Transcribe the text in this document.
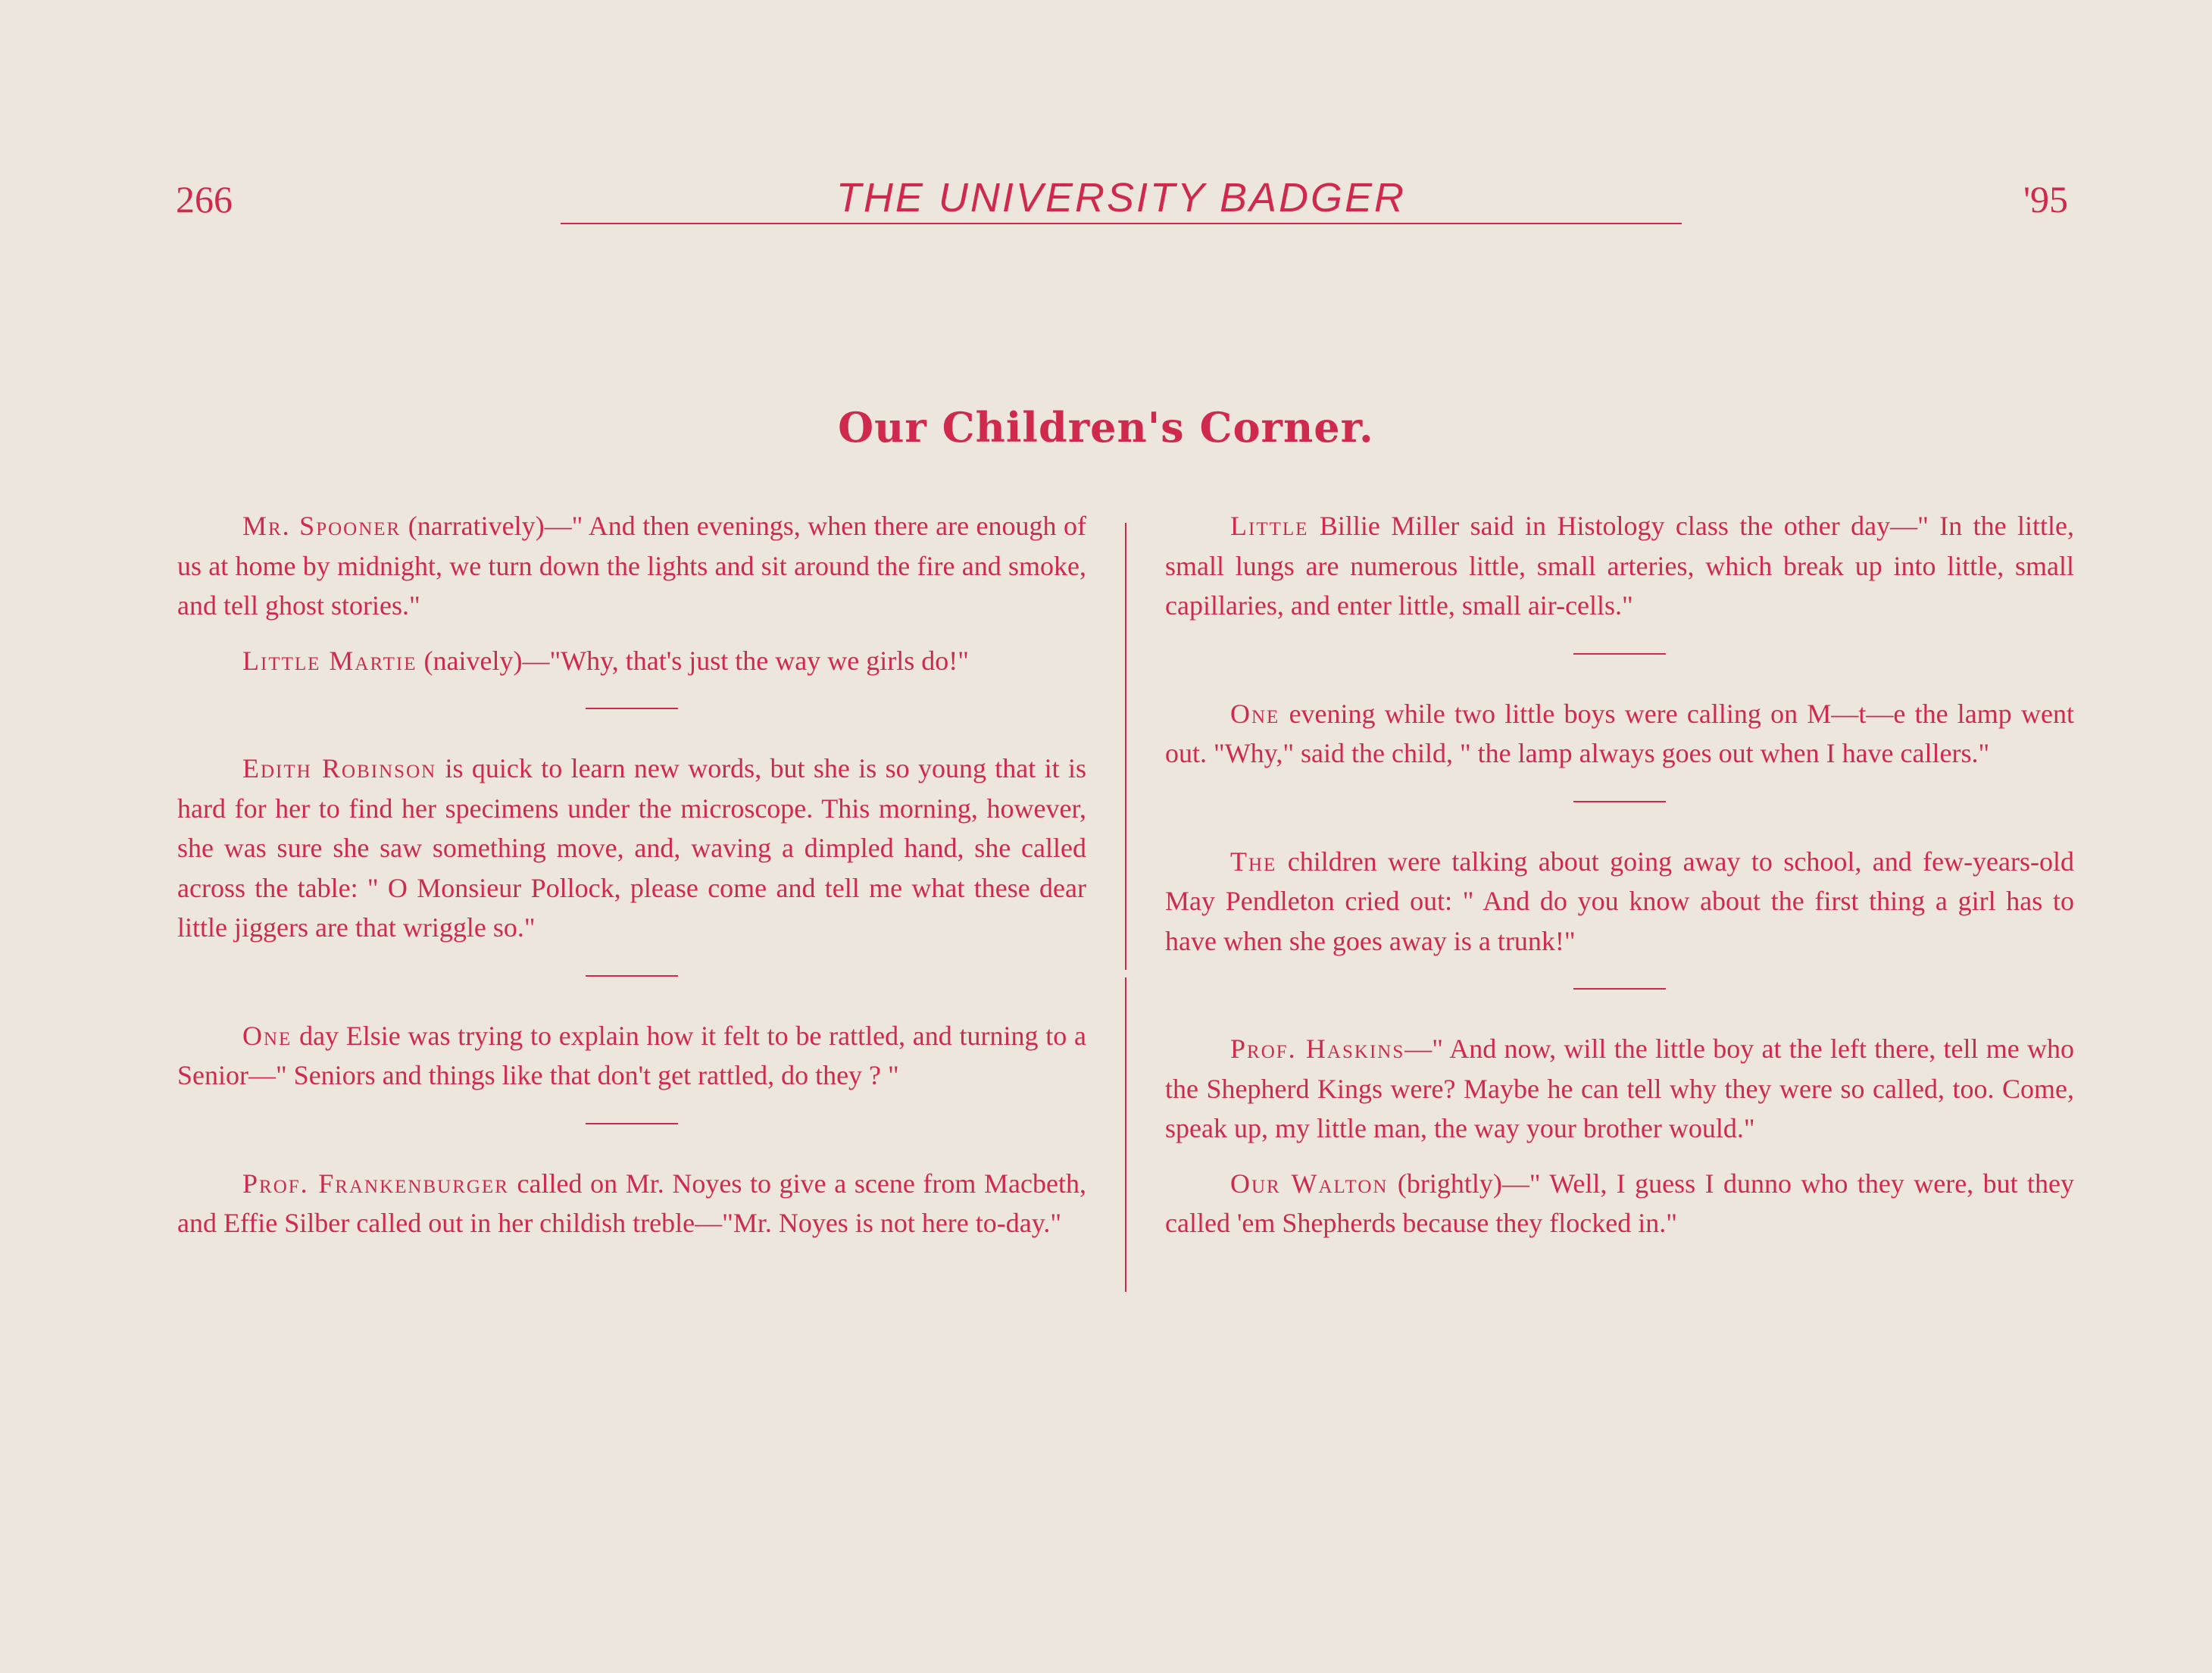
266	THE UNIVERSITY BADGER	'95
Our Children's Corner.

Mr. Spooner (narratively)—" And then evenings, when there are enough of us at home by midnight, we turn down the lights and sit around the fire and smoke, and tell ghost stories."

Little Martie (naively)—"Why, that's just the way we girls do!"

Edith Robinson is quick to learn new words, but she is so young that it is hard for her to find her specimens under the microscope. This morning, however, she was sure she saw something move, and, waving a dimpled hand, she called across the table: " O Monsieur Pollock, please come and tell me what these dear little jiggers are that wriggle so."

One day Elsie was trying to explain how it felt to be rattled, and turning to a Senior—" Seniors and things like that don't get rattled, do they ? "

Prof. Frankenburger called on Mr. Noyes to give a scene from Macbeth, and Effie Silber called out in her childish treble—"Mr. Noyes is not here to-day."

Little Billie Miller said in Histology class the other day—" In the little, small lungs are numerous little, small arteries, which break up into little, small capillaries, and enter little, small air-cells."

One evening while two little boys were calling on M—t—e the lamp went out. "Why," said the child, " the lamp always goes out when I have callers."

The children were talking about going away to school, and few-years-old May Pendleton cried out: " And do you know about the first thing a girl has to have when she goes away is a trunk!"

Prof. Haskins—" And now, will the little boy at the left there, tell me who the Shepherd Kings were? Maybe he can tell why they were so called, too. Come, speak up, my little man, the way your brother would."

Our Walton (brightly)—" Well, I guess I dunno who they were, but they called 'em Shepherds because they flocked in."
